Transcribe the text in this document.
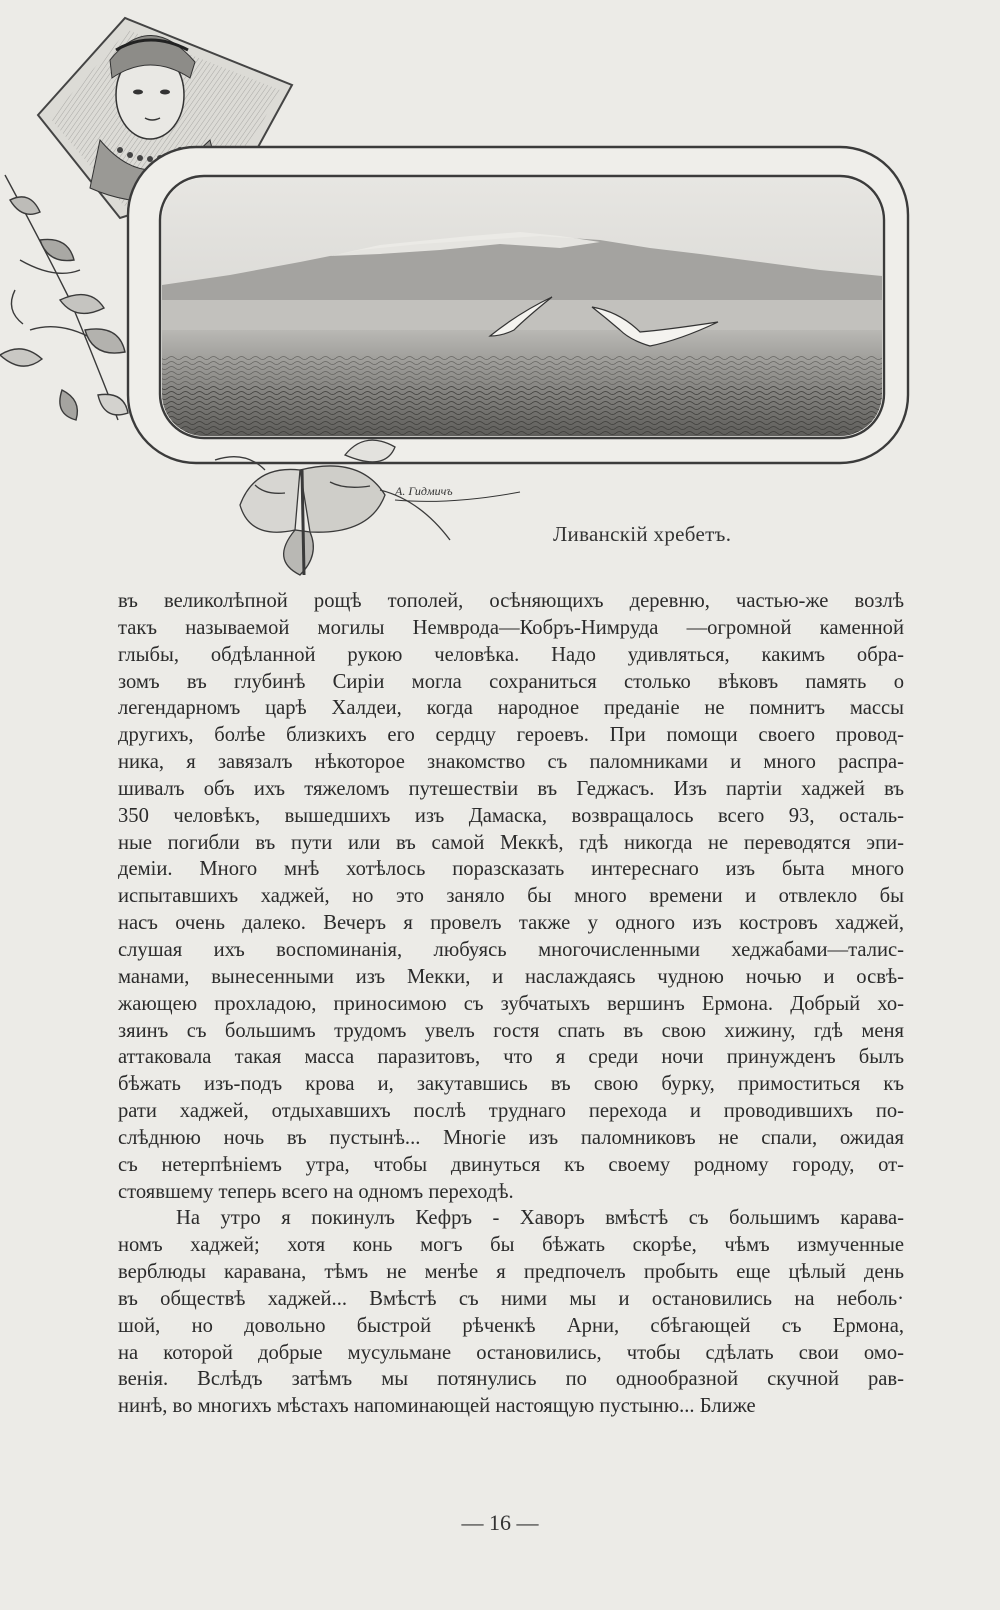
А. Гидмичъ
Ливанскій хребетъ.

въ великолѣпной рощѣ тополей, осѣняющихъ деревню, частью-же возлѣ

такъ называемой могилы Немврода—Кобръ-Нимруда —огромной каменной

глыбы, обдѣланной рукою человѣка. Надо удивляться, какимъ обра-

зомъ въ глубинѣ Сиріи могла сохраниться столько вѣковъ память о

легендарномъ царѣ Халдеи, когда народное преданіе не помнитъ массы

другихъ, болѣе близкихъ его сердцу героевъ. При помощи своего провод-

ника, я завязалъ нѣкоторое знакомство съ паломниками и много распра-

шивалъ объ ихъ тяжеломъ путешествіи въ Геджасъ. Изъ партіи хаджей въ

350 человѣкъ, вышедшихъ изъ Дамаска, возвращалось всего 93, осталь-

ные погибли въ пути или въ самой Меккѣ, гдѣ никогда не переводятся эпи-

деміи. Много мнѣ хотѣлось поразсказать интереснаго изъ быта много

испытавшихъ хаджей, но это заняло бы много времени и отвлекло бы

насъ очень далеко. Вечеръ я провелъ также у одного изъ костровъ хаджей,

слушая ихъ воспоминанія, любуясь многочисленными хеджабами—талис-

манами, вынесенными изъ Мекки, и наслаждаясь чудною ночью и освѣ-

жающею прохладою, приносимою съ зубчатыхъ вершинъ Ермона. Добрый хо-

зяинъ съ большимъ трудомъ увелъ гостя спать въ свою хижину, гдѣ меня

аттаковала такая масса паразитовъ, что я среди ночи принужденъ былъ

бѣжать изъ-подъ крова и, закутавшись въ свою бурку, примоститься къ

рати хаджей, отдыхавшихъ послѣ труднаго перехода и проводившихъ по-

слѣднюю ночь въ пустынѣ... Многіе изъ паломниковъ не спали, ожидая

съ нетерпѣніемъ утра, чтобы двинуться къ своему родному городу, от-

стоявшему теперь всего на одномъ переходѣ.

На утро я покинулъ Кефръ - Хаворъ вмѣстѣ съ большимъ карава-

номъ хаджей; хотя конь могъ бы бѣжать скорѣе, чѣмъ измученные

верблюды каравана, тѣмъ не менѣе я предпочелъ пробыть еще цѣлый день

въ обществѣ хаджей... Вмѣстѣ съ ними мы и остановились на неболь·

шой, но довольно быстрой рѣченкѣ Арни, сбѣгающей съ Ермона,

на которой добрые мусульмане остановились, чтобы сдѣлать свои омо-

венія. Вслѣдъ затѣмъ мы потянулись по однообразной скучной рав-

нинѣ, во многихъ мѣстахъ напоминающей настоящую пустыню... Ближе

— 16 —
